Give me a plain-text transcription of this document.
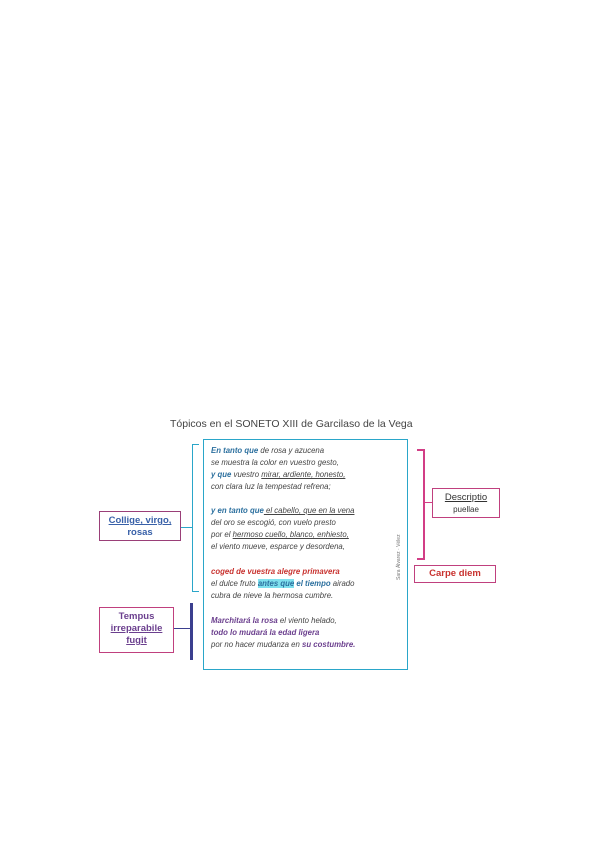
Tópicos en el SONETO XIII de Garcilaso de la Vega
En tanto que de rosa y azucena
se muestra la color en vuestro gesto,
y que vuestro mirar, ardiente, honesto,
con clara luz la tempestad refrena;
y en tanto que el cabello, que en la vena
del oro se escogió, con vuelo presto
por el hermoso cuello, blanco, enhiesto,
el viento mueve, esparce y desordena,
coged de vuestra alegre primavera
el dulce fruto antes que el tiempo airado
cubra de nieve la hermosa cumbre.
Marchitará la rosa el viento helado,
todo lo mudará la edad ligera
por no hacer mudanza en su costumbre.
Sara Álvarez · Vélez
Collige, virgo,
rosas
Tempus
irreparabile
fugit
Descriptio
puellae
Carpe diem
